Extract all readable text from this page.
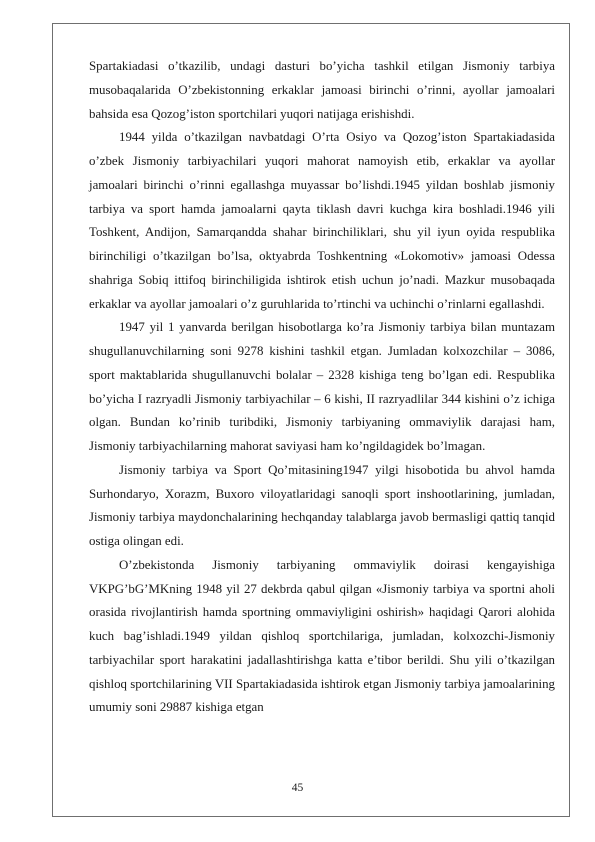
Spartakiadasi o’tkazilib, undagi dasturi bo’yicha tashkil etilgan Jismoniy tarbiya musobaqalarida O’zbekistonning erkaklar jamoasi birinchi o’rinni, ayollar jamoalari bahsida esa Qozog’iston sportchilari yuqori natijaga erishishdi.

1944 yilda o’tkazilgan navbatdagi O’rta Osiyo va Qozog’iston Spartakiadasida o’zbek Jismoniy tarbiyachilari yuqori mahorat namoyish etib, erkaklar va ayollar jamoalari birinchi o’rinni egallashga muyassar bo’lishdi.1945 yildan boshlab jismoniy tarbiya va sport hamda jamoalarni qayta tiklash davri kuchga kira boshladi.1946 yili Toshkent, Andijon, Samarqandda shahar birinchiliklari, shu yil iyun oyida respublika birinchiligi o’tkazilgan bo’lsa, oktyabrda Toshkentning «Lokomotiv» jamoasi Odessa shahriga Sobiq ittifoq birinchiligida ishtirok etish uchun jo’nadi. Mazkur musobaqada erkaklar va ayollar jamoalari o’z guruhlarida to’rtinchi va uchinchi o’rinlarni egallashdi.

1947 yil 1 yanvarda berilgan hisobotlarga ko’ra Jismoniy tarbiya bilan muntazam shugullanuvchilarning soni 9278 kishini tashkil etgan. Jumladan kolxozchilar – 3086, sport maktablarida shugullanuvchi bolalar – 2328 kishiga teng bo’lgan edi. Respublika bo’yicha I razryadli Jismoniy tarbiyachilar – 6 kishi, II razryadlilar 344 kishini o’z ichiga olgan. Bundan ko’rinib turibdiki, Jismoniy tarbiyaning ommaviylik darajasi ham, Jismoniy tarbiyachilarning mahorat saviyasi ham ko’ngildagidek bo’lmagan.

Jismoniy tarbiya va Sport Qo’mitasining1947 yilgi hisobotida bu ahvol hamda Surhondaryo, Xorazm, Buxoro viloyatlaridagi sanoqli sport inshootlarining, jumladan, Jismoniy tarbiya maydonchalarining hechqanday talablarga javob bermasligi qattiq tanqid ostiga olingan edi.

O’zbekistonda Jismoniy tarbiyaning ommaviylik doirasi kengayishiga VKPG’bG’MKning 1948 yil 27 dekbrda qabul qilgan «Jismoniy tarbiya va sportni aholi orasida rivojlantirish hamda sportning ommaviyligini oshirish» haqidagi Qarori alohida kuch bag’ishladi.1949 yildan qishloq sportchilariga, jumladan, kolxozchi-Jismoniy tarbiyachilar sport harakatini jadallashtirishga katta e’tibor berildi. Shu yili o’tkazilgan qishloq sportchilarining VII Spartakiadasida ishtirok etgan Jismoniy tarbiya jamoalarining umumiy soni 29887 kishiga etgan

45
